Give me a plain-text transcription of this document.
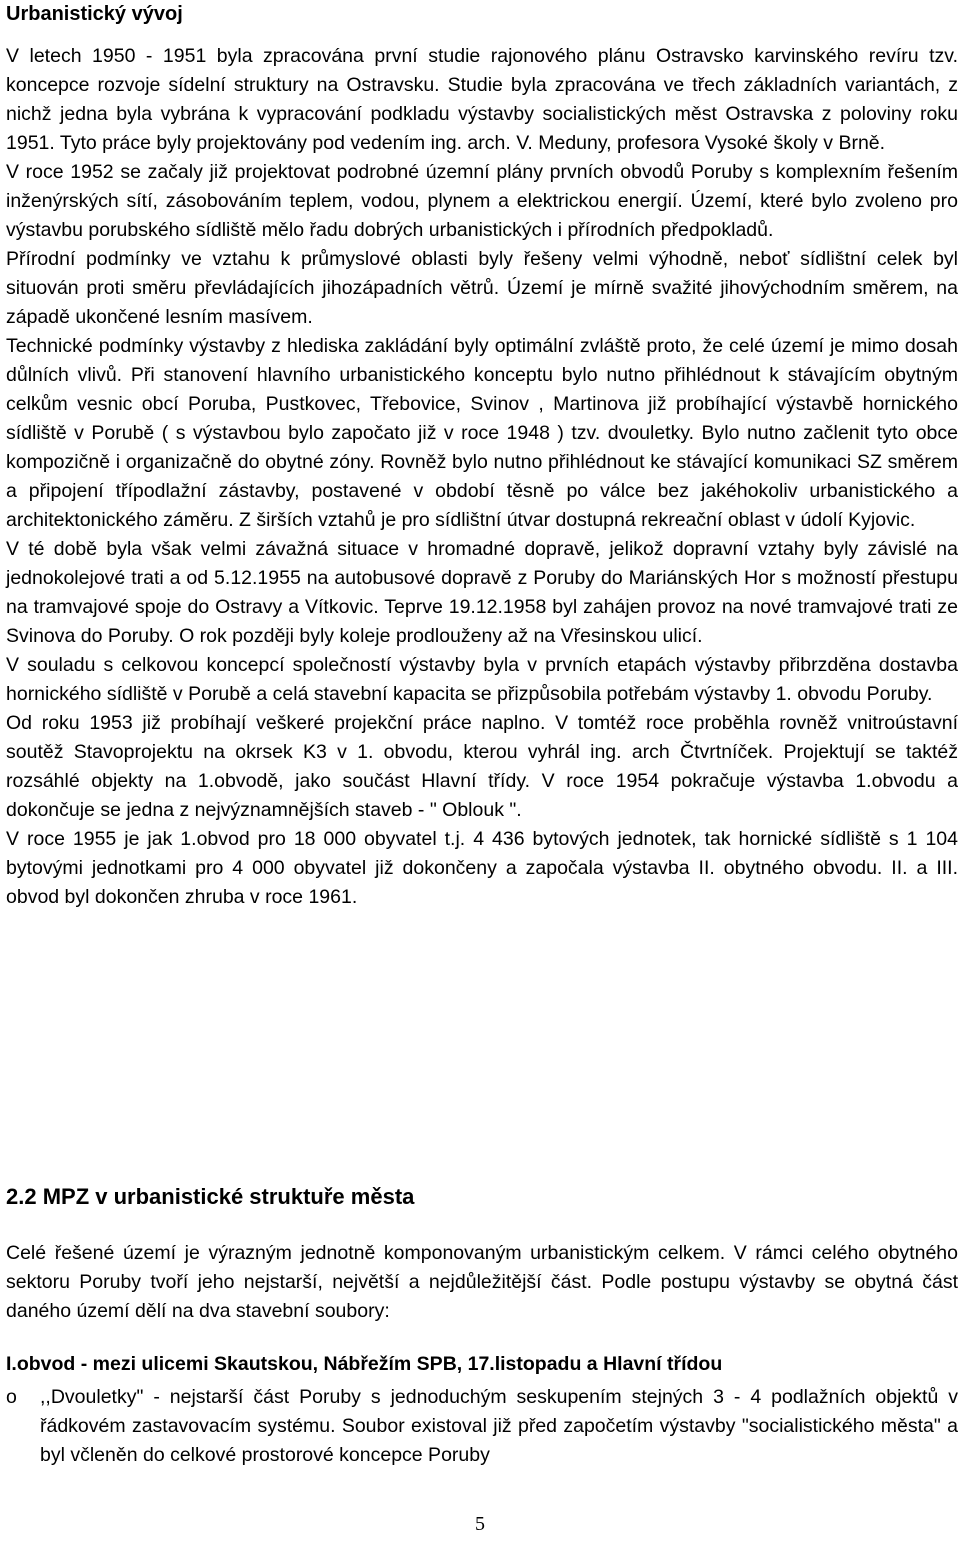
Urbanistický vývoj

V letech 1950 - 1951 byla zpracována první studie rajonového plánu Ostravsko karvinského revíru tzv. koncepce rozvoje sídelní struktury na Ostravsku. Studie byla zpracována ve třech základních variantách, z nichž jedna byla vybrána k vypracování podkladu výstavby socialistických měst Ostravska z poloviny roku 1951. Tyto práce byly projektovány pod vedením ing. arch. V. Meduny, profesora Vysoké školy v Brně.

V roce 1952 se začaly již projektovat podrobné územní plány prvních obvodů Poruby s komplexním řešením inženýrských sítí, zásobováním teplem, vodou, plynem a elektrickou energií. Území, které bylo zvoleno pro výstavbu porubského sídliště mělo řadu dobrých urbanistických i přírodních předpokladů.

Přírodní podmínky ve vztahu k průmyslové oblasti byly řešeny velmi výhodně, neboť sídlištní celek byl situován proti směru převládajících jihozápadních větrů. Území je mírně svažité jihovýchodním směrem, na západě ukončené lesním masívem.

Technické podmínky výstavby z hlediska zakládání byly optimální zvláště proto, že celé území je mimo dosah důlních vlivů. Při stanovení hlavního urbanistického konceptu bylo nutno přihlédnout k stávajícím obytným celkům vesnic obcí Poruba, Pustkovec, Třebovice, Svinov , Martinova již probíhající výstavbě hornického sídliště v Porubě ( s výstavbou bylo započato již v roce 1948 ) tzv. dvouletky. Bylo nutno začlenit tyto obce kompozičně i organizačně do obytné zóny. Rovněž bylo nutno přihlédnout ke stávající komunikaci SZ směrem a připojení třípodlažní zástavby, postavené v období těsně po válce bez jakéhokoliv urbanistického a architektonického záměru. Z širších vztahů je pro sídlištní útvar dostupná rekreační oblast v údolí Kyjovic.

V té době byla však velmi závažná situace v hromadné dopravě, jelikož dopravní vztahy byly závislé na jednokolejové trati a od 5.12.1955 na autobusové dopravě z Poruby do Mariánských Hor s možností přestupu na tramvajové spoje do Ostravy a Vítkovic. Teprve 19.12.1958 byl zahájen provoz na nové tramvajové trati ze Svinova do Poruby. O rok později byly koleje prodlouženy až na Vřesinskou ulicí.

V souladu s celkovou koncepcí společností výstavby byla v prvních etapách výstavby přibrzděna dostavba hornického sídliště v Porubě a celá stavební kapacita se přizpůsobila potřebám výstavby 1. obvodu Poruby.

Od roku 1953 již probíhají veškeré projekční práce naplno. V tomtéž roce proběhla rovněž vnitroústavní soutěž Stavoprojektu na okrsek K3 v 1. obvodu, kterou vyhrál ing. arch Čtvrtníček. Projektují se taktéž rozsáhlé objekty na 1.obvodě, jako součást Hlavní třídy. V roce 1954 pokračuje výstavba 1.obvodu a dokončuje se jedna z nejvýznamnějších staveb - " Oblouk ".

V roce 1955 je jak 1.obvod pro 18 000 obyvatel t.j. 4 436 bytových jednotek, tak hornické sídliště s 1 104 bytovými jednotkami pro 4 000 obyvatel již dokončeny a započala výstavba II. obytného obvodu. II. a III. obvod byl dokončen zhruba v roce 1961.

2.2 MPZ v urbanistické struktuře města

Celé řešené území je výrazným jednotně komponovaným urbanistickým celkem. V rámci celého obytného sektoru Poruby tvoří jeho nejstarší, největší a nejdůležitější část. Podle postupu výstavby se obytná část daného území dělí na dva stavební soubory:

I.obvod - mezi ulicemi Skautskou, Nábřežím SPB, 17.listopadu a Hlavní třídou
o	,,Dvouletky" - nejstarší část Poruby s jednoduchým seskupením stejných 3 - 4 podlažních objektů v řádkovém zastavovacím systému. Soubor existoval již před započetím výstavby "socialistického města" a byl včleněn do celkové prostorové koncepce Poruby
5
